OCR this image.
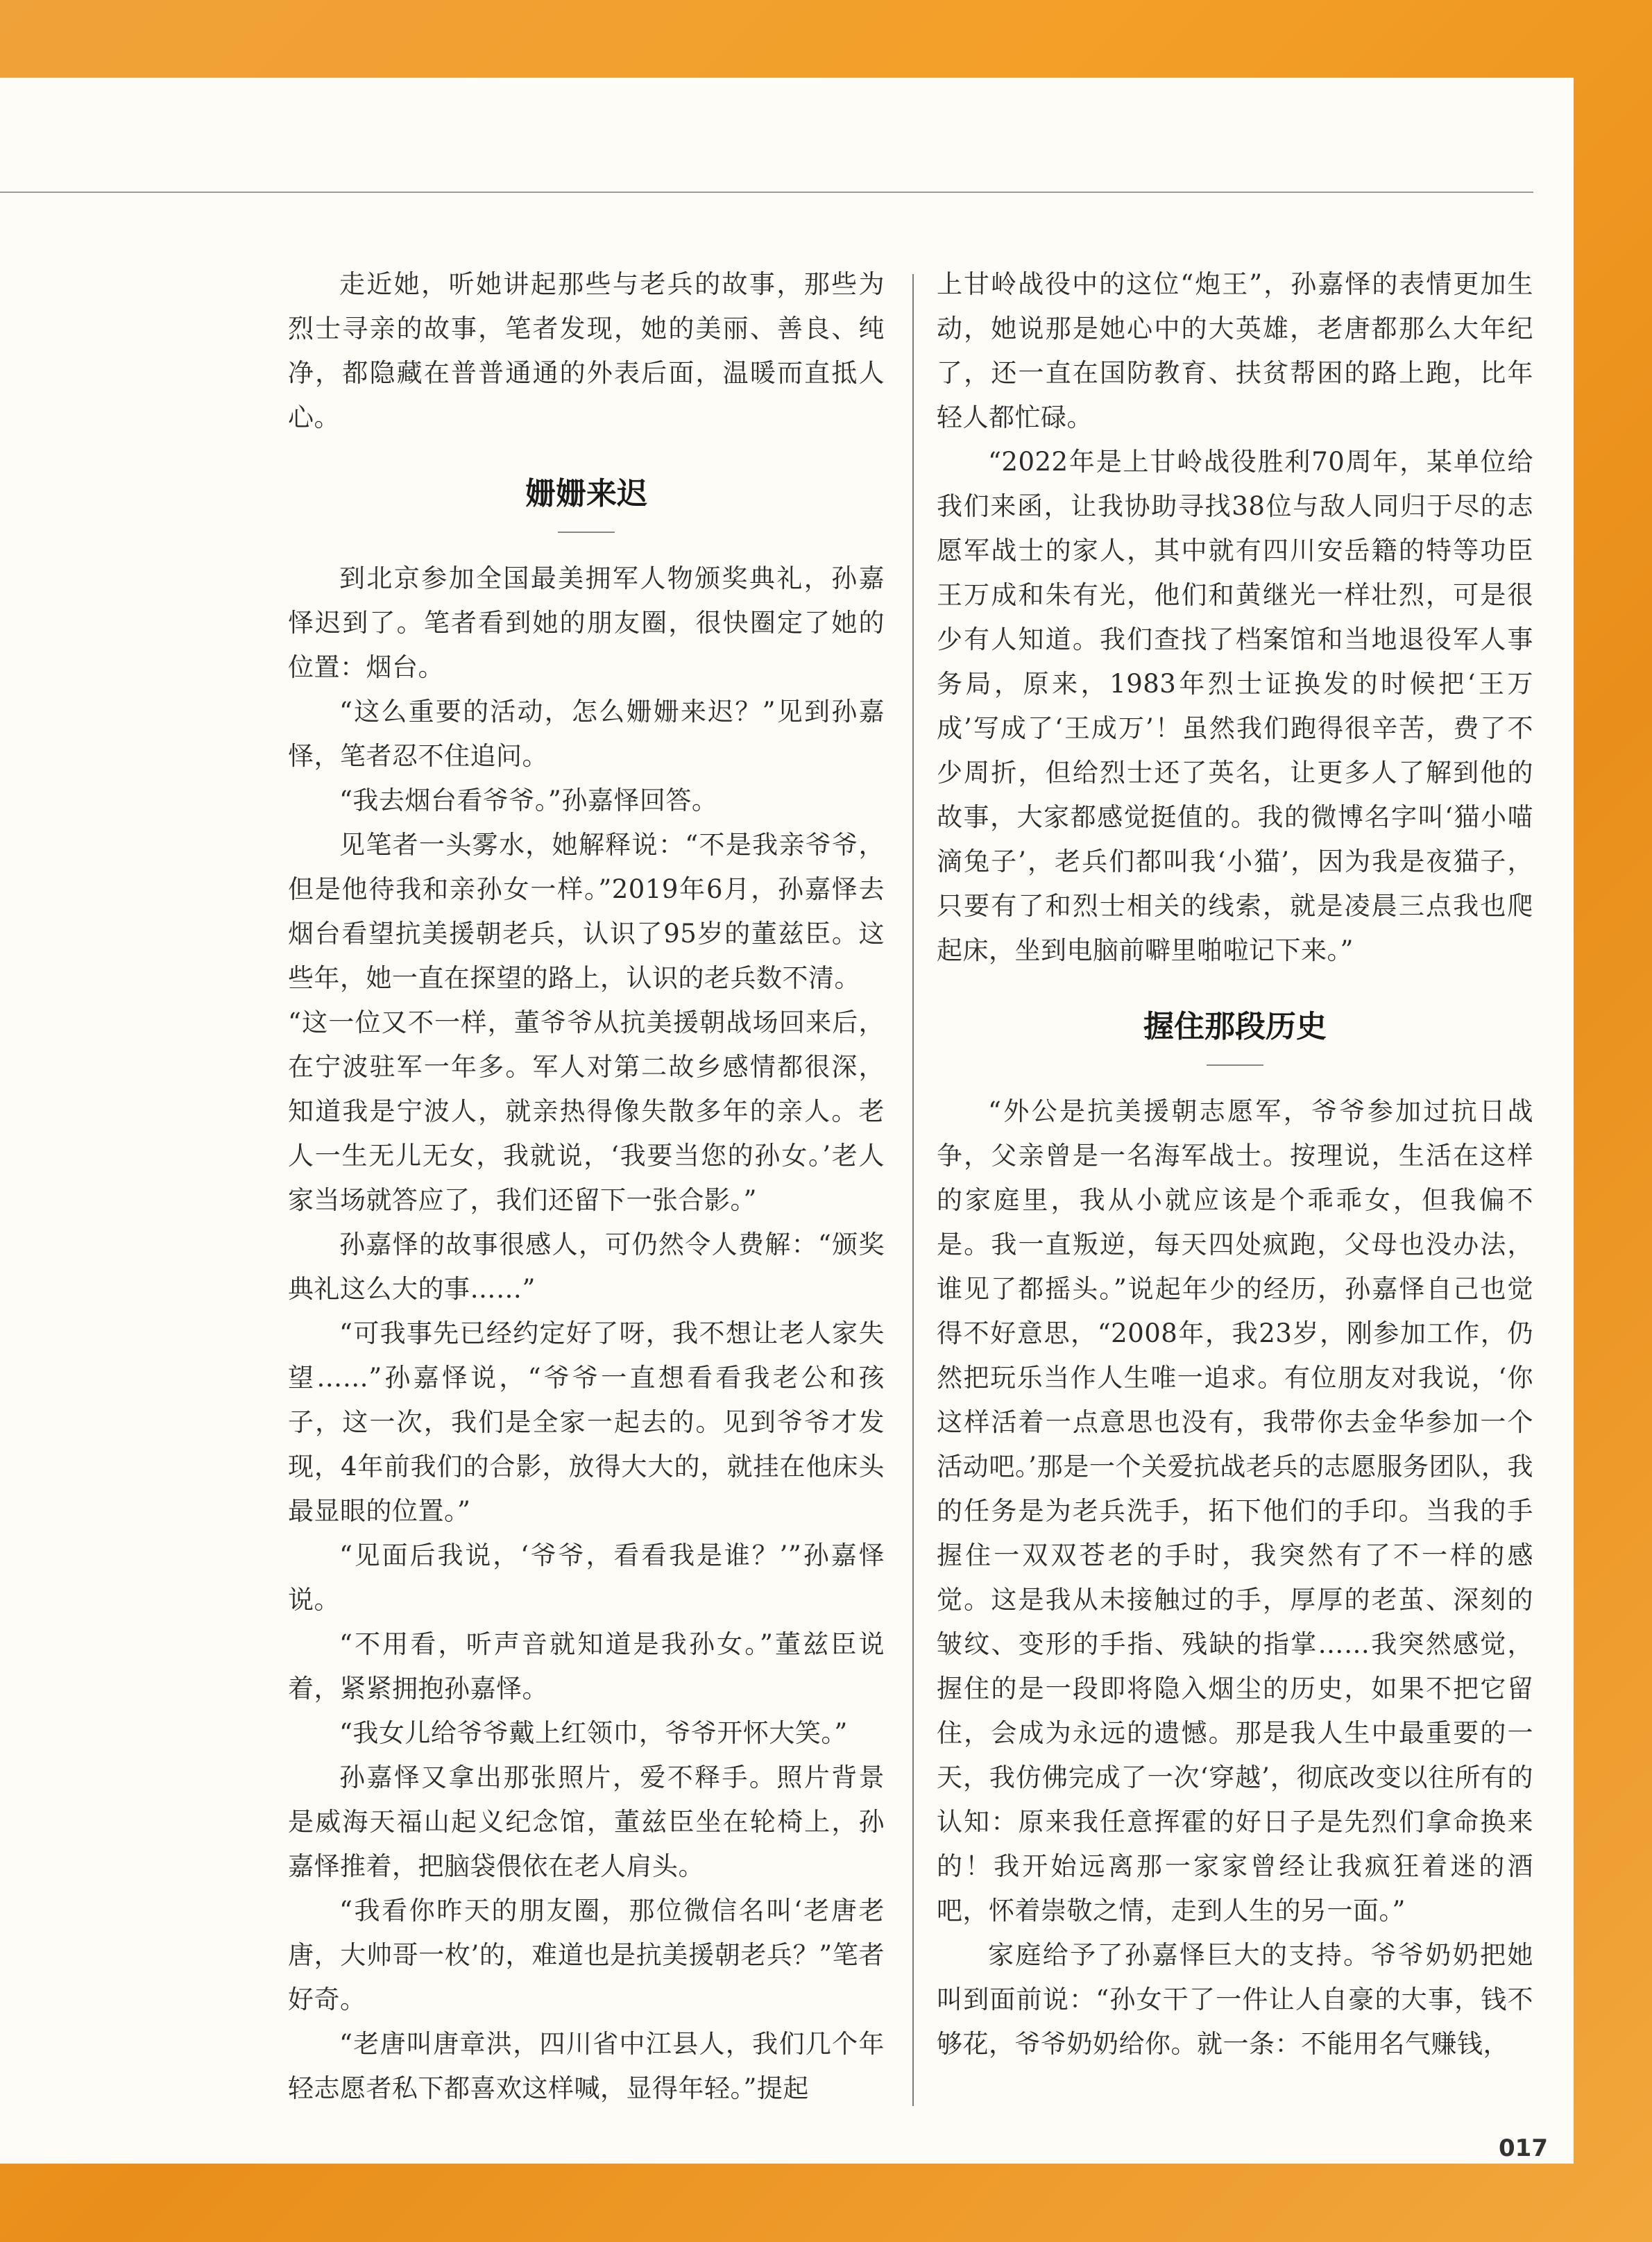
走近她，听她讲起那些与老兵的故事，那些为烈士寻亲的故事，笔者发现，她的美丽、善良、纯净，都隐藏在普普通通的外表后面，温暖而直抵人心。

姗姗来迟

到北京参加全国最美拥军人物颁奖典礼，孙嘉怿迟到了。笔者看到她的朋友圈，很快圈定了她的位置：烟台。

“这么重要的活动，怎么姗姗来迟？”见到孙嘉怿，笔者忍不住追问。

“我去烟台看爷爷。”孙嘉怿回答。

见笔者一头雾水，她解释说：“不是我亲爷爷，但是他待我和亲孙女一样。”2019年6月，孙嘉怿去烟台看望抗美援朝老兵，认识了95岁的董兹臣。这些年，她一直在探望的路上，认识的老兵数不清。

“这一位又不一样，董爷爷从抗美援朝战场回来后，在宁波驻军一年多。军人对第二故乡感情都很深，知道我是宁波人，就亲热得像失散多年的亲人。老人一生无儿无女，我就说，‘我要当您的孙女。’老人家当场就答应了，我们还留下一张合影。”

孙嘉怿的故事很感人，可仍然令人费解：“颁奖典礼这么大的事……”

“可我事先已经约定好了呀，我不想让老人家失望……”孙嘉怿说，“爷爷一直想看看我老公和孩子，这一次，我们是全家一起去的。见到爷爷才发现，4年前我们的合影，放得大大的，就挂在他床头最显眼的位置。”

“见面后我说，‘爷爷，看看我是谁？’”孙嘉怿说。

“不用看，听声音就知道是我孙女。”董兹臣说着，紧紧拥抱孙嘉怿。

“我女儿给爷爷戴上红领巾，爷爷开怀大笑。”

孙嘉怿又拿出那张照片，爱不释手。照片背景是威海天福山起义纪念馆，董兹臣坐在轮椅上，孙嘉怿推着，把脑袋偎依在老人肩头。

“我看你昨天的朋友圈，那位微信名叫‘老唐老唐，大帅哥一枚’的，难道也是抗美援朝老兵？”笔者好奇。

“老唐叫唐章洪，四川省中江县人，我们几个年轻志愿者私下都喜欢这样喊，显得年轻。”提起

上甘岭战役中的这位“炮王”，孙嘉怿的表情更加生动，她说那是她心中的大英雄，老唐都那么大年纪了，还一直在国防教育、扶贫帮困的路上跑，比年轻人都忙碌。

“2022年是上甘岭战役胜利70周年，某单位给我们来函，让我协助寻找38位与敌人同归于尽的志愿军战士的家人，其中就有四川安岳籍的特等功臣王万成和朱有光，他们和黄继光一样壮烈，可是很少有人知道。我们查找了档案馆和当地退役军人事务局，原来，1983年烈士证换发的时候把‘王万成’写成了‘王成万’！虽然我们跑得很辛苦，费了不少周折，但给烈士还了英名，让更多人了解到他的故事，大家都感觉挺值的。我的微博名字叫‘猫小喵滴兔子’，老兵们都叫我‘小猫’，因为我是夜猫子，只要有了和烈士相关的线索，就是凌晨三点我也爬起床，坐到电脑前噼里啪啦记下来。”

握住那段历史

“外公是抗美援朝志愿军，爷爷参加过抗日战争，父亲曾是一名海军战士。按理说，生活在这样的家庭里，我从小就应该是个乖乖女，但我偏不是。我一直叛逆，每天四处疯跑，父母也没办法，谁见了都摇头。”说起年少的经历，孙嘉怿自己也觉得不好意思，“2008年，我23岁，刚参加工作，仍然把玩乐当作人生唯一追求。有位朋友对我说，‘你这样活着一点意思也没有，我带你去金华参加一个活动吧。’那是一个关爱抗战老兵的志愿服务团队，我的任务是为老兵洗手，拓下他们的手印。当我的手握住一双双苍老的手时，我突然有了不一样的感觉。这是我从未接触过的手，厚厚的老茧、深刻的皱纹、变形的手指、残缺的指掌……我突然感觉，握住的是一段即将隐入烟尘的历史，如果不把它留住，会成为永远的遗憾。那是我人生中最重要的一天，我仿佛完成了一次‘穿越’，彻底改变以往所有的认知：原来我任意挥霍的好日子是先烈们拿命换来的！我开始远离那一家家曾经让我疯狂着迷的酒吧，怀着崇敬之情，走到人生的另一面。”

家庭给予了孙嘉怿巨大的支持。爷爷奶奶把她叫到面前说：“孙女干了一件让人自豪的大事，钱不够花，爷爷奶奶给你。就一条：不能用名气赚钱，

017
